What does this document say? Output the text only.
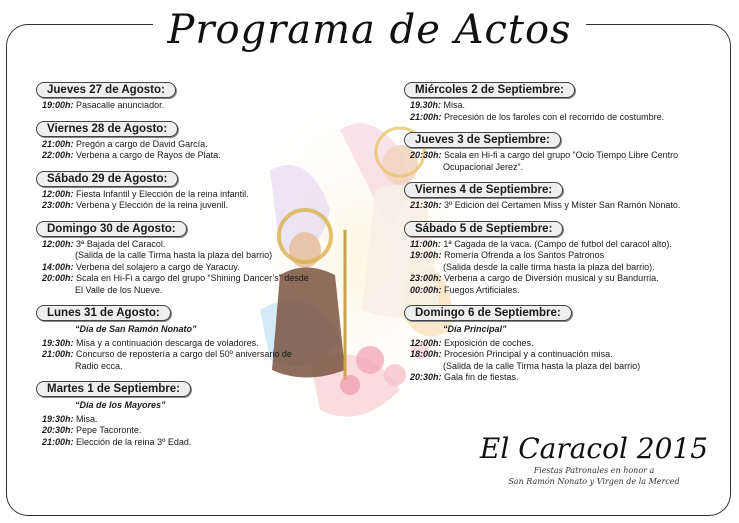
Programa de Actos
Jueves 27 de Agosto:
19:00h: Pasacalle anunciador.
Viernes 28 de Agosto:
21:00h: Pregón a cargo de David García.
22:00h: Verbena a cargo de Rayos de Plata.
Sábado 29 de Agosto:
12:00h: Fiesta Infantil y Elección de la reina infantil.
23:00h: Verbena y Elección de la reina juvenil.
Domingo 30 de Agosto:
12:00h: 3ª Bajada del Caracol.
(Salida de la calle Tirma hasta la plaza del barrio)
14:00h: Verbena del solajero a cargo de Yaracuy.
20:00h: Scala en Hi-Fi a cargo del grupo “Shining Dancer’s” desde
El Valle de los Nueve.
Lunes 31 de Agosto:
“Día de San Ramón Nonato”
19:30h: Misa y a continuación descarga de voladores.
21:00h: Concurso de repostería a cargo del 50º aniversario de
Radio ecca.
Martes 1 de Septiembre:
“Día de los Mayores”
19:30h: Misa.
20:30h: Pepe Tacoronte.
21:00h: Elección de la reina 3º Edad.
Miércoles 2 de Septiembre:
19.30h: Misa.
21:00h: Precesión de los faroles con el recorrido de costumbre.
Jueves 3 de Septiembre:
20:30h: Scala en Hi-fi a cargo del grupo “Ocio Tiempo Libre Centro
Ocupacional Jerez”.
Viernes 4 de Septiembre:
21:30h: 3º Edición del Certamen Miss y Míster San Ramón Nonato.
Sábado 5 de Septiembre:
11:00h: 1ª Cagada de la vaca. (Campo de futbol del caracol alto).
19:00h: Romería Ofrenda a los Santos Patronos
(Salida desde la calle tirma hasta la plaza del barrio).
23:00h: Verbena a cargo de Diversión musical y su Bandurria.
00:00h: Fuegos Artificiales.
Domingo 6 de Septiembre:
“Día Principal”
12:00h: Exposición de coches.
18:00h: Procesión Principal y a continuación misa.
(Salida de la calle Tirma hasta la plaza del barrio)
20:30h: Gala fin de fiestas.
El Caracol 2015
Fiestas Patronales en honor a
San Ramón Nonato y Virgen de la Merced
